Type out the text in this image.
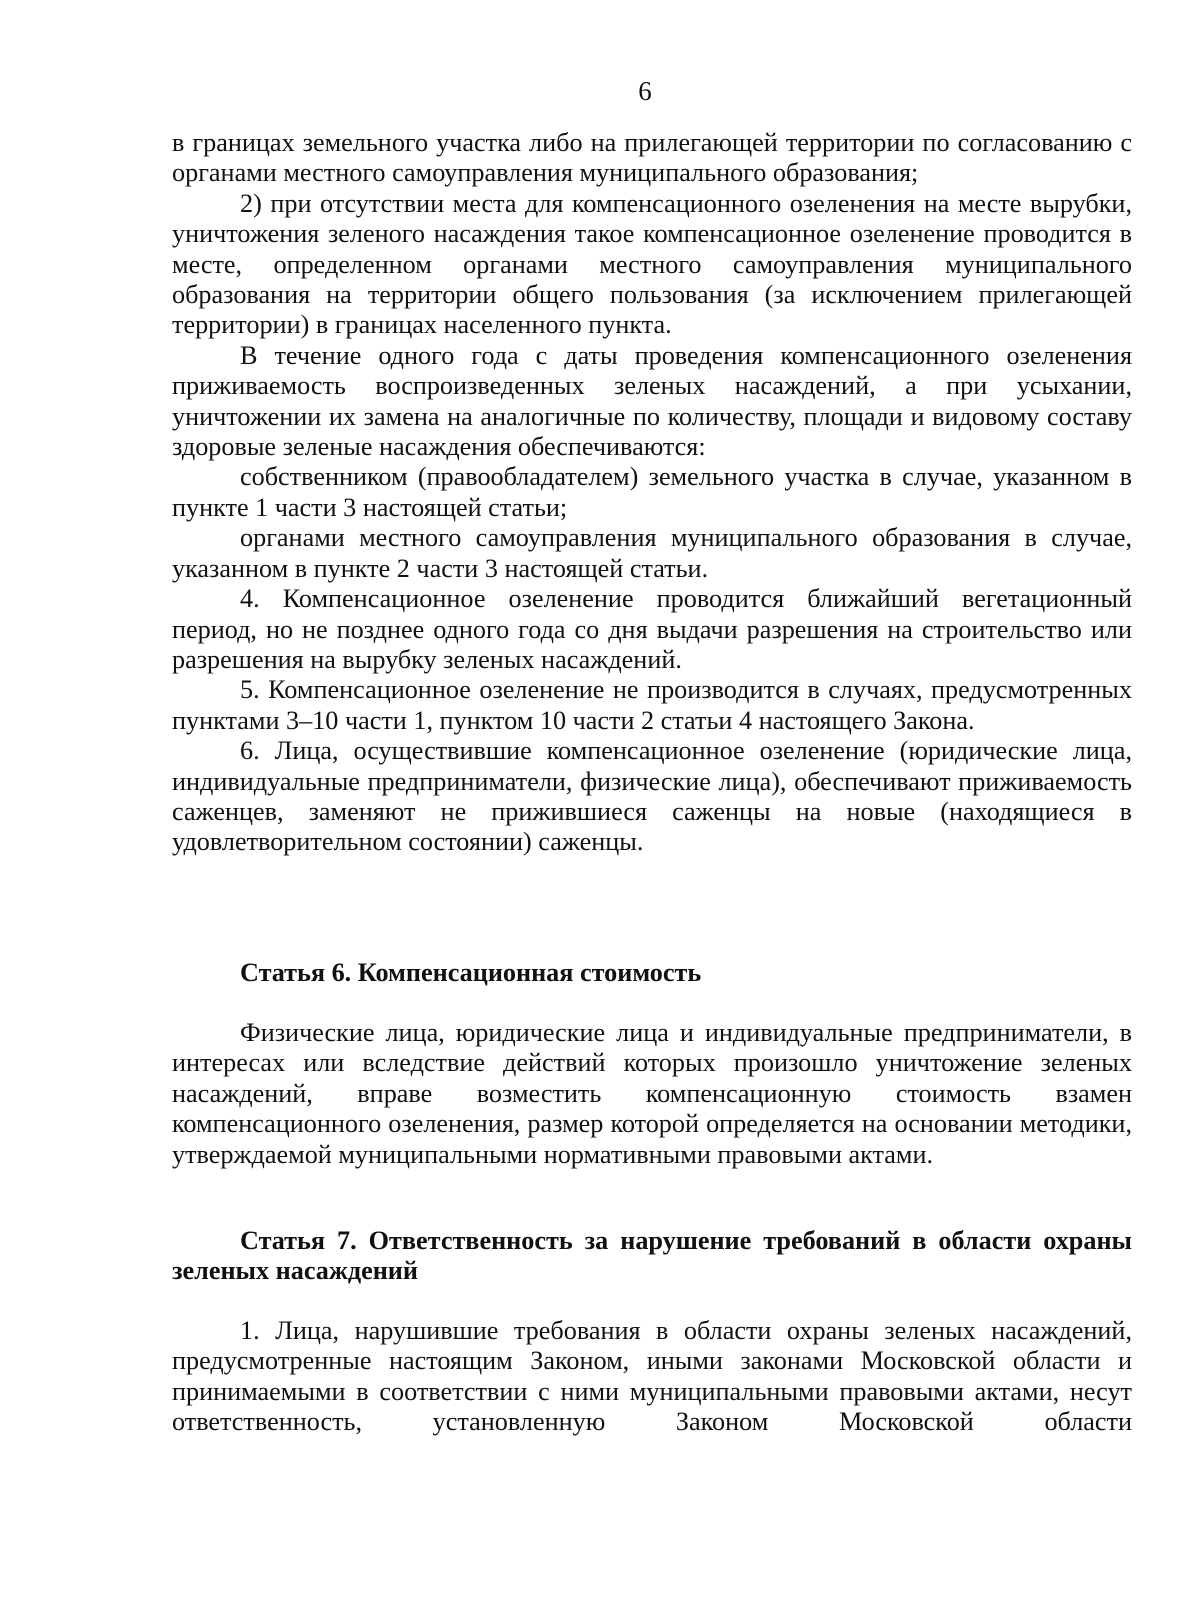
6

в границах земельного участка либо на прилегающей территории по согласованию с органами местного самоуправления муниципального образования;

2) при отсутствии места для компенсационного озеленения на месте вырубки, уничтожения зеленого насаждения такое компенсационное озеленение проводится в месте, определенном органами местного самоуправления муниципального образования на территории общего пользования (за исключением прилегающей территории) в границах населенного пункта.

В течение одного года с даты проведения компенсационного озеленения приживаемость воспроизведенных зеленых насаждений, а при усыхании, уничтожении их замена на аналогичные по количеству, площади и видовому составу здоровые зеленые насаждения обеспечиваются:

собственником (правообладателем) земельного участка в случае, указанном в пункте 1 части 3 настоящей статьи;

органами местного самоуправления муниципального образования в случае, указанном в пункте 2 части 3 настоящей статьи.

4. Компенсационное озеленение проводится ближайший вегетационный период, но не позднее одного года со дня выдачи разрешения на строительство или разрешения на вырубку зеленых насаждений.

5. Компенсационное озеленение не производится в случаях, предусмотренных пунктами 3–10 части 1, пунктом 10 части 2 статьи 4 настоящего Закона.

6. Лица, осуществившие компенсационное озеленение (юридические лица, индивидуальные предприниматели, физические лица), обеспечивают приживаемость саженцев, заменяют не прижившиеся саженцы на новые (находящиеся в удовлетворительном состоянии) саженцы.

Статья 6. Компенсационная стоимость

Физические лица, юридические лица и индивидуальные предприниматели, в интересах или вследствие действий которых произошло уничтожение зеленых насаждений, вправе возместить компенсационную стоимость взамен компенсационного озеленения, размер которой определяется на основании методики, утверждаемой муниципальными нормативными правовыми актами.

Статья 7. Ответственность за нарушение требований в области охраны зеленых насаждений

1. Лица, нарушившие требования в области охраны зеленых насаждений, предусмотренные настоящим Законом, иными законами Московской области и принимаемыми в соответствии с ними муниципальными правовыми актами, несут ответственность, установленную Законом Московской области
